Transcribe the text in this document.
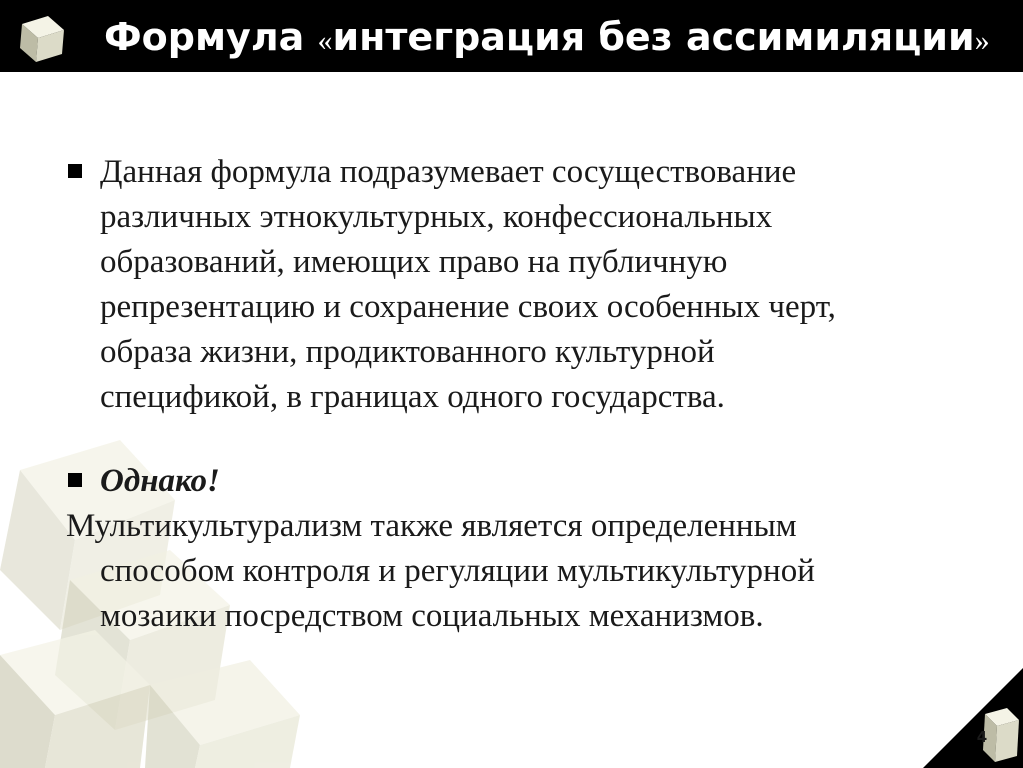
Формула «интеграция без ассимиляции»
Данная формула подразумевает сосуществование
различных этнокультурных, конфессиональных
образований, имеющих право на публичную
репрезентацию и сохранение своих особенных черт,
образа жизни, продиктованного культурной
спецификой, в границах одного государства.
Однако!
Мультикультурализм также является определенным
способом контроля и регуляции мультикультурной
мозаики посредством социальных механизмов.
4
